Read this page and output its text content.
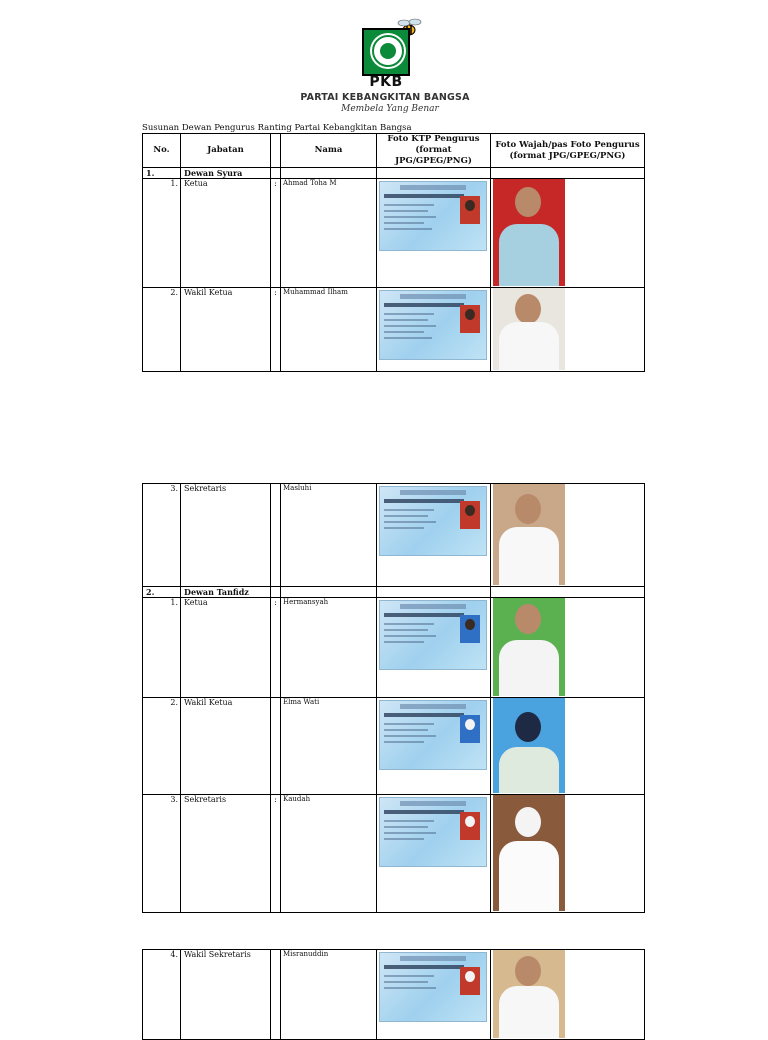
PKB
PARTAI KEBANGKITAN BANGSA
Membela Yang Benar
Susunan Dewan Pengurus Ranting Partai Kebangkitan Bangsa
No.	Jabatan		Nama	Foto KTP Pengurus (format JPG/GPEG/PNG)	Foto Wajah/pas Foto Pengurus (format JPG/GPEG/PNG)
1.	Dewan Syura				
1.	Ketua	:	Ahmad Toha M	

2.	Wakil Ketua	:	Muhammad Ilham	

3.	Sekretaris		Masluhi	

2.	Dewan Tanfidz				
1.	Ketua	:	Hermansyah	

2.	Wakil Ketua		Elma Wati	

3.	Sekretaris	:	Kaudah	

4.	Wakil Sekretaris		Misranuddin	
